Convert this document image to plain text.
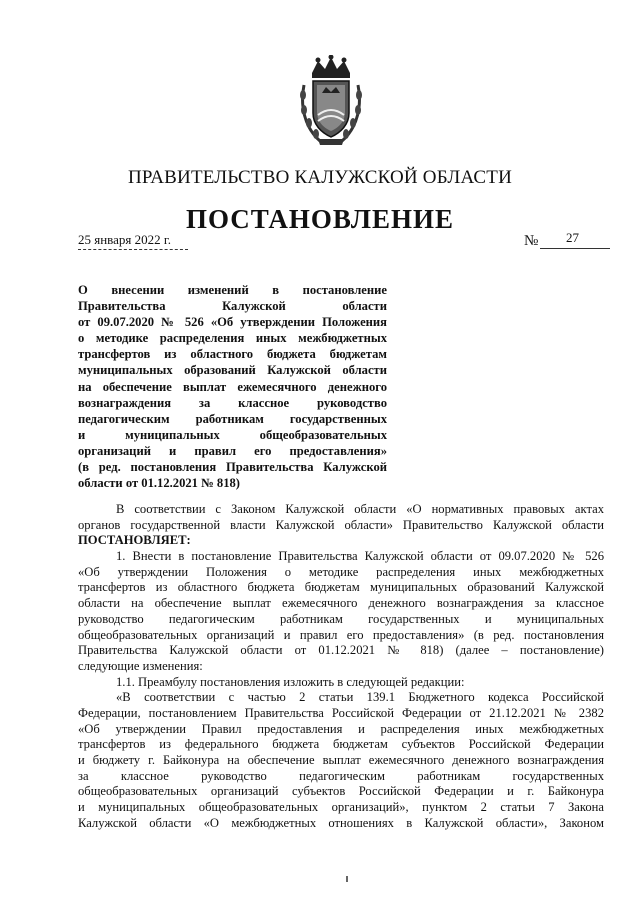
ПРАВИТЕЛЬСТВО КАЛУЖСКОЙ ОБЛАСТИ
ПОСТАНОВЛЕНИЕ
25 января 2022 г.	№ 27
О внесении изменений в постановление
Правительства Калужской области
от 09.07.2020 № 526 «Об утверждении Положения
о методике распределения иных межбюджетных
трансфертов из областного бюджета бюджетам
муниципальных образований Калужской области
на обеспечение выплат ежемесячного денежного
вознаграждения за классное руководство
педагогическим работникам государственных
и муниципальных общеобразовательных
организаций и правил его предоставления»
(в ред. постановления Правительства Калужской
области от 01.12.2021 № 818)
В соответствии с Законом Калужской области «О нормативных правовых актах
органов государственной власти Калужской области» Правительство Калужской области
ПОСТАНОВЛЯЕТ:
1. Внести в постановление Правительства Калужской области от 09.07.2020 № 526
«Об утверждении Положения о методике распределения иных межбюджетных
трансфертов из областного бюджета бюджетам муниципальных образований Калужской
области на обеспечение выплат ежемесячного денежного вознаграждения за классное
руководство педагогическим работникам государственных и муниципальных
общеобразовательных организаций и правил его предоставления» (в ред. постановления
Правительства Калужской области от 01.12.2021 № 818) (далее – постановление)
следующие изменения:
1.1. Преамбулу постановления изложить в следующей редакции:
«В соответствии с частью 2 статьи 139.1 Бюджетного кодекса Российской
Федерации, постановлением Правительства Российской Федерации от 21.12.2021 № 2382
«Об утверждении Правил предоставления и распределения иных межбюджетных
трансфертов из федерального бюджета бюджетам субъектов Российской Федерации
и бюджету г. Байконура на обеспечение выплат ежемесячного денежного вознаграждения
за классное руководство педагогическим работникам государственных
общеобразовательных организаций субъектов Российской Федерации и г. Байконура
и муниципальных общеобразовательных организаций», пунктом 2 статьи 7 Закона
Калужской области «О межбюджетных отношениях в Калужской области», Законом
